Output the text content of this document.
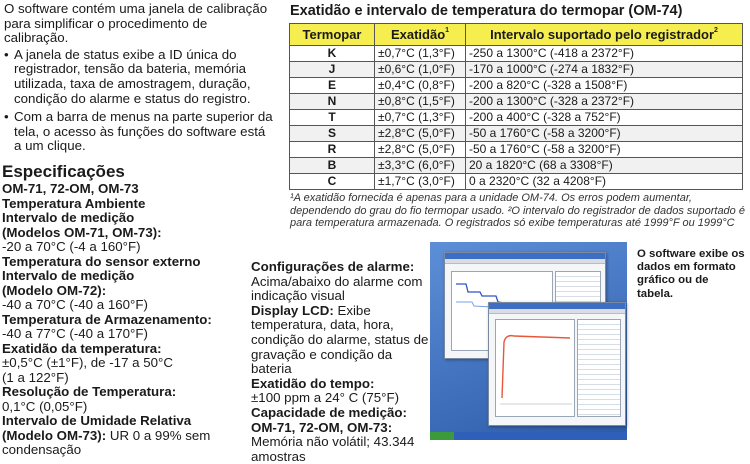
O software contém uma janela de calibração para simplificar o procedimento de calibração.

• A janela de status exibe a ID única do registrador, tensão da bateria, memória utilizada, taxa de amostragem, duração, condição do alarme e status do registro.
• Com a barra de menus na parte superior da tela, o acesso às funções do software está a um clique.
Especificações
OM-71, 72-OM, OM-73
Temperatura Ambiente
Intervalo de medição
(Modelos OM-71, OM-73):
-20 a 70°C (-4 a 160°F)
Temperatura do sensor externo
Intervalo de medição
(Modelo OM-72):
-40 a 70°C (-40 a 160°F)
Temperatura de Armazenamento:
-40 a 77°C (-40 a 170°F)
Exatidão da temperatura:
±0,5°C (±1°F), de -17 a 50°C
(1 a 122°F)
Resolução de Temperatura:
0,1°C (0,05°F)
Intervalo de Umidade Relativa
(Modelo OM-73): UR 0 a 99% sem
condensação
Exatidão e intervalo de temperatura do termopar (OM-74)
Termopar	Exatidão$^1$	Intervalo suportado pelo registrador$^2$
K	±0,7°C (1,3°F)	-250 a 1300°C (-418 a 2372°F)
J	±0,6°C (1,0°F)	-170 a 1000°C (-274 a 1832°F)
E	±0,4°C (0,8°F)	-200 a 820°C (-328 a 1508°F)
N	±0,8°C (1,5°F)	-200 a 1300°C (-328 a 2372°F)
T	±0,7°C (1,3°F)	-200 a 400°C (-328 a 752°F)
S	±2,8°C (5,0°F)	-50 a 1760°C (-58 a 3200°F)
R	±2,8°C (5,0°F)	-50 a 1760°C (-58 a 3200°F)
B	±3,3°C (6,0°F)	20 a 1820°C (68 a 3308°F)
C	±1,7°C (3,0°F)	0 a 2320°C (32 a 4208°F)
¹A exatidão fornecida é apenas para a unidade OM-74. Os erros podem aumentar, dependendo do grau do fio termopar usado. ²O intervalo do registrador de dados suportado é para temperatura armazenada. O registrados só exibe temperaturas até 1999°F ou 1999°C
Configurações de alarme:
Acima/abaixo do alarme com indicação visual
Display LCD: Exibe temperatura, data, hora, condição do alarme, status de gravação e condição da bateria
Exatidão do tempo:
±100 ppm a 24° C (75°F)
Capacidade de medição:
OM-71, 72-OM, OM-73:
Memória não volátil; 43.344 amostras
O software exibe os dados em formato gráfico ou de tabela.
